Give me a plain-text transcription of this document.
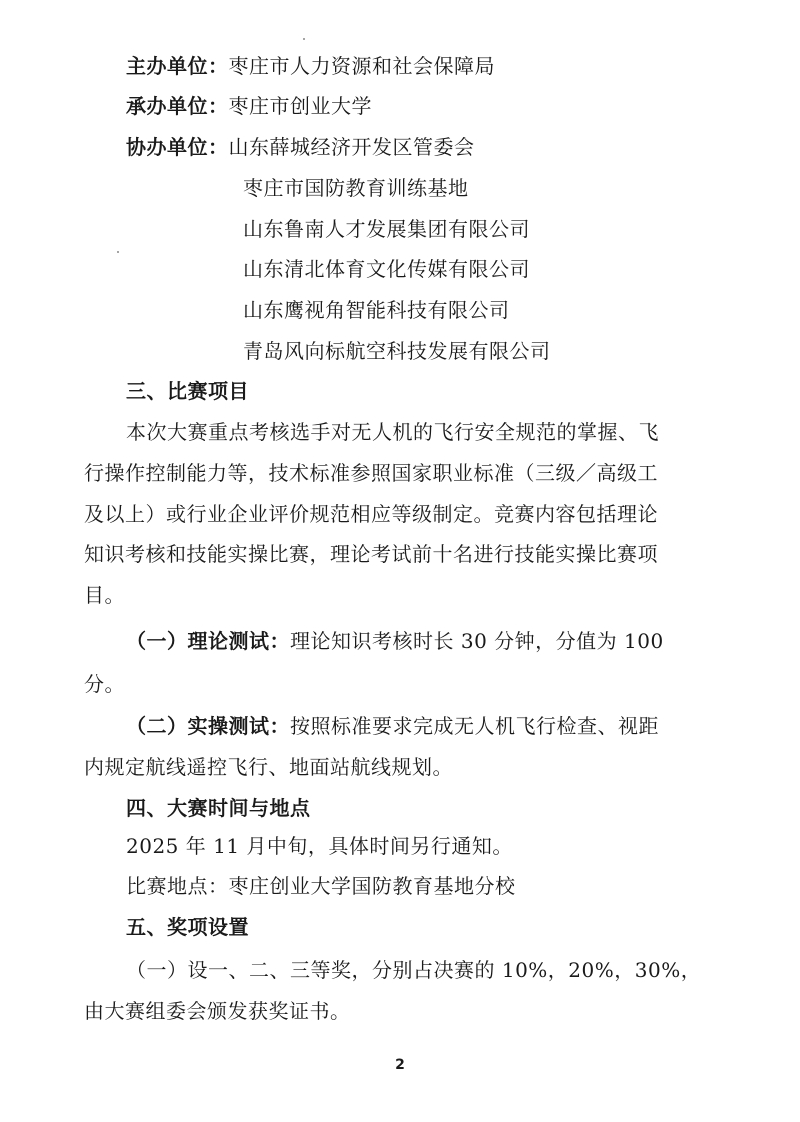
主办单位：枣庄市人力资源和社会保障局
承办单位：枣庄市创业大学
协办单位：山东薛城经济开发区管委会
枣庄市国防教育训练基地
山东鲁南人才发展集团有限公司
山东清北体育文化传媒有限公司
山东鹰视角智能科技有限公司
青岛风向标航空科技发展有限公司
三、比赛项目
本次大赛重点考核选手对无人机的飞行安全规范的掌握、飞
行操作控制能力等，技术标准参照国家职业标准（三级／高级工
及以上）或行业企业评价规范相应等级制定。竞赛内容包括理论
知识考核和技能实操比赛，理论考试前十名进行技能实操比赛项
目。
（一）理论测试：理论知识考核时长 30 分钟，分值为 100
分。
（二）实操测试：按照标准要求完成无人机飞行检查、视距
内规定航线遥控飞行、地面站航线规划。
四、大赛时间与地点
2025 年 11 月中旬，具体时间另行通知。
比赛地点：枣庄创业大学国防教育基地分校
五、奖项设置
（一）设一、二、三等奖，分别占决赛的 10%，20%，30%，
由大赛组委会颁发获奖证书。
2
